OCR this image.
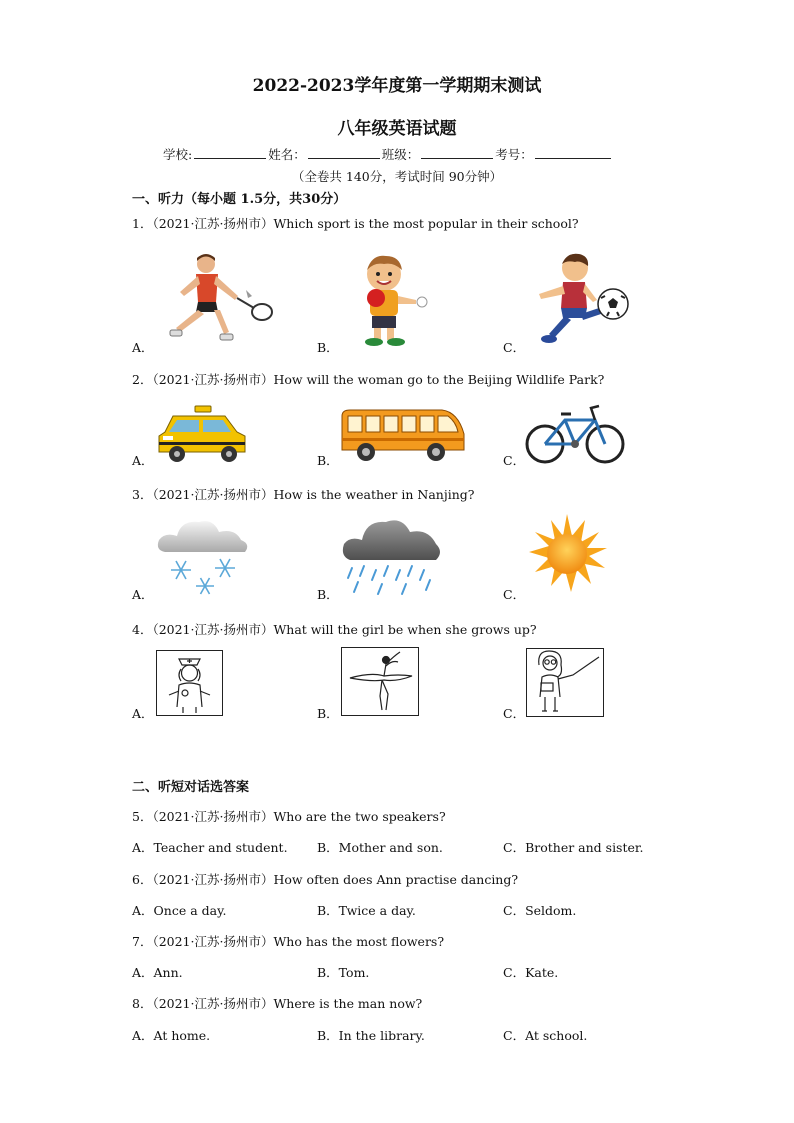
2022-2023学年度第一学期期末测试
八年级英语试题
学校:	姓名：	班级：	考号：
（全卷共 140分，考试时间 90分钟）
一、听力（每小题 1.5分，共30分）
1．（2021·江苏·扬州市）Which sport is the most popular in their school?
A．	B．	C．
2．（2021·江苏·扬州市）How will the woman go to the Beijing Wildlife Park?
A．	B．	C．
3．（2021·江苏·扬州市）How is the weather in Nanjing?
A．	B．	C．
4．（2021·江苏·扬州市）What will the girl be when she grows up?
A．	B．	C．
二、听短对话选答案
5．（2021·江苏·扬州市）Who are the two speakers?
A．Teacher and student. B．Mother and son.	C．Brother and sister.
6．（2021·江苏·扬州市）How often does Ann practise dancing?
A．Once a day.	B．Twice a day.	C．Seldom.
7．（2021·江苏·扬州市）Who has the most flowers?
A．Ann.	B．Tom.	C．Kate.
8．（2021·江苏·扬州市）Where is the man now?
A．At home.	B．In the library.	C．At school.
